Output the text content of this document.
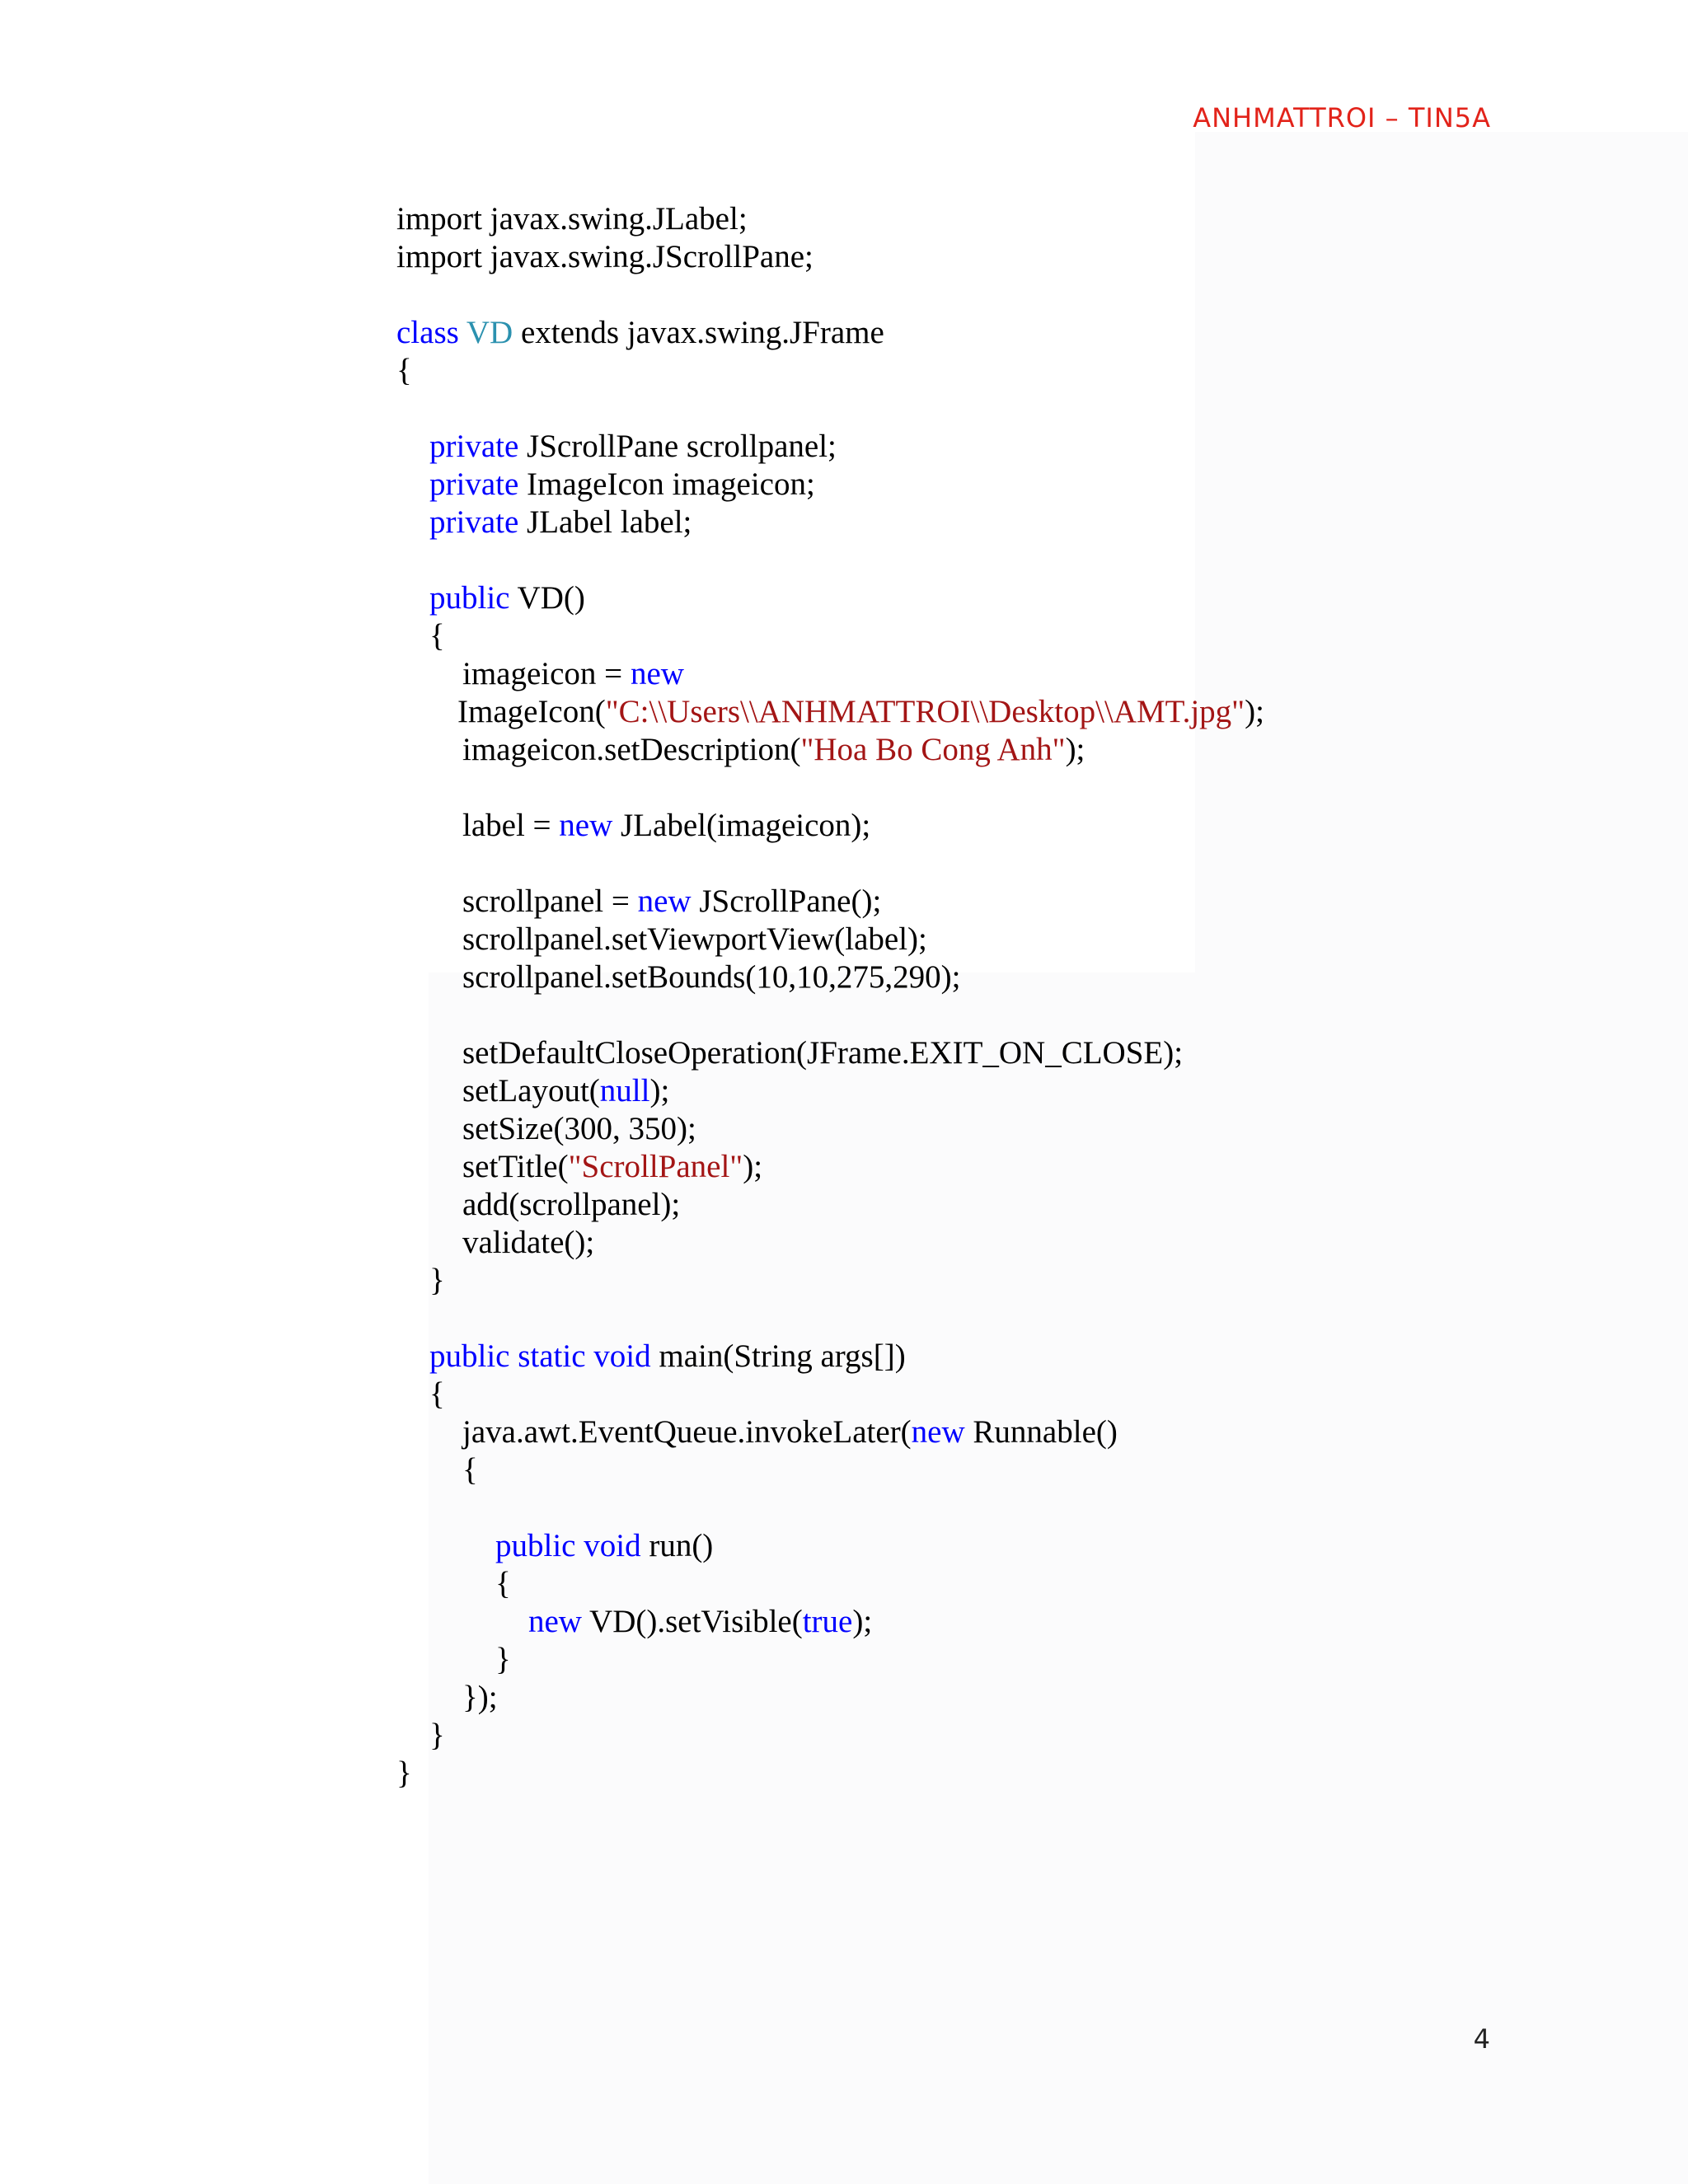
ANHMATTROI – TIN5A

import javax.swing.JLabel;
import javax.swing.JScrollPane;
class VD extends javax.swing.JFrame
{
private JScrollPane scrollpanel;
private ImageIcon imageicon;
private JLabel label;
public VD()
{
imageicon = new
ImageIcon("C:\\Users\\ANHMATTROI\\Desktop\\AMT.jpg");
imageicon.setDescription("Hoa Bo Cong Anh");
label = new JLabel(imageicon);
scrollpanel = new JScrollPane();
scrollpanel.setViewportView(label);
scrollpanel.setBounds(10,10,275,290);
setDefaultCloseOperation(JFrame.EXIT_ON_CLOSE);
setLayout(null);
setSize(300, 350);
setTitle("ScrollPanel");
add(scrollpanel);
validate();
}
public static void main(String args[])
{
java.awt.EventQueue.invokeLater(new Runnable()
{
public void run()
{
new VD().setVisible(true);
}
});
}
}

4
